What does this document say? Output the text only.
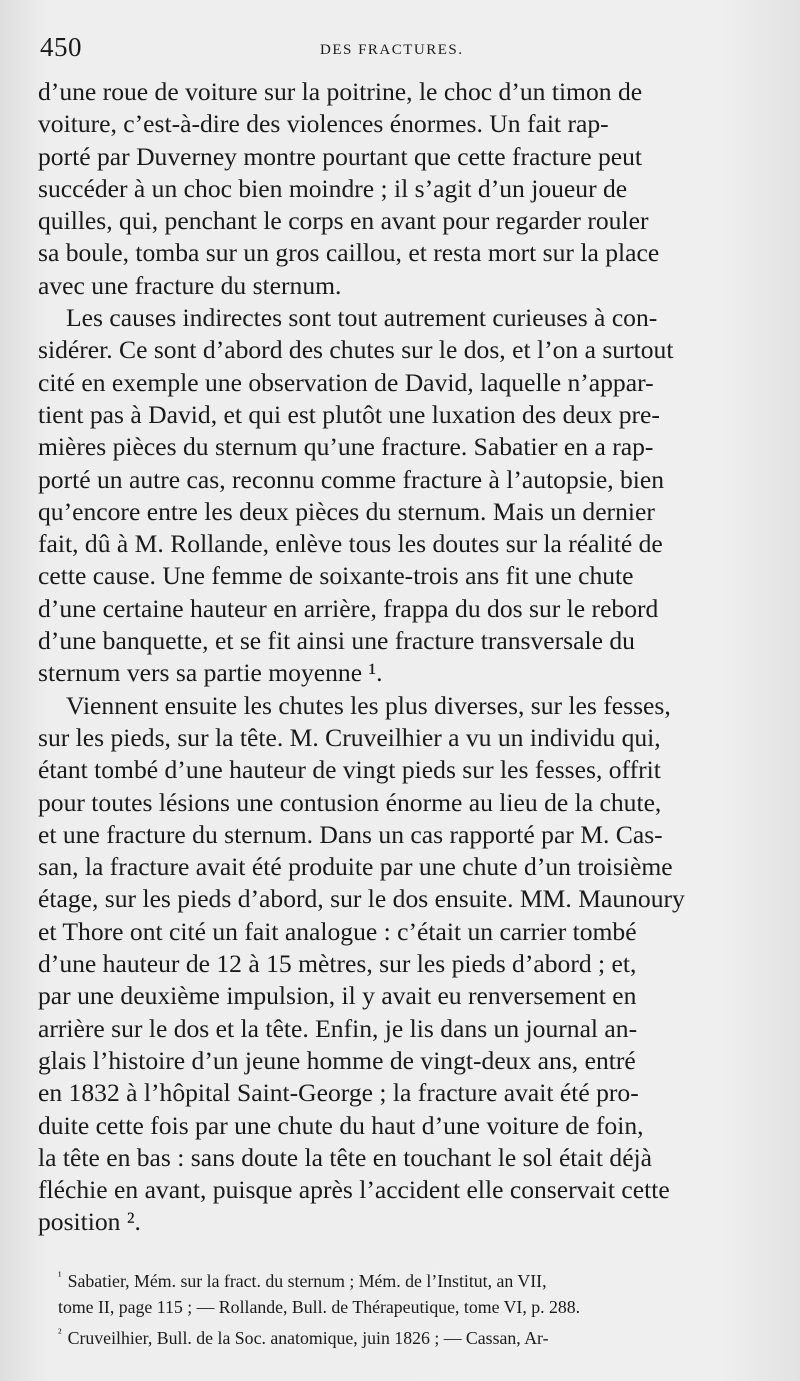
450	DES FRACTURES.

d’une roue de voiture sur la poitrine, le choc d’un timon de
voiture, c’est-à-dire des violences énormes. Un fait rap-
porté par Duverney montre pourtant que cette fracture peut
succéder à un choc bien moindre ; il s’agit d’un joueur de
quilles, qui, penchant le corps en avant pour regarder rouler
sa boule, tomba sur un gros caillou, et resta mort sur la place
avec une fracture du sternum.

Les causes indirectes sont tout autrement curieuses à con-
sidérer. Ce sont d’abord des chutes sur le dos, et l’on a surtout
cité en exemple une observation de David, laquelle n’appar-
tient pas à David, et qui est plutôt une luxation des deux pre-
mières pièces du sternum qu’une fracture. Sabatier en a rap-
porté un autre cas, reconnu comme fracture à l’autopsie, bien
qu’encore entre les deux pièces du sternum. Mais un dernier
fait, dû à M. Rollande, enlève tous les doutes sur la réalité de
cette cause. Une femme de soixante-trois ans fit une chute
d’une certaine hauteur en arrière, frappa du dos sur le rebord
d’une banquette, et se fit ainsi une fracture transversale du
sternum vers sa partie moyenne ¹.

Viennent ensuite les chutes les plus diverses, sur les fesses,
sur les pieds, sur la tête. M. Cruveilhier a vu un individu qui,
étant tombé d’une hauteur de vingt pieds sur les fesses, offrit
pour toutes lésions une contusion énorme au lieu de la chute,
et une fracture du sternum. Dans un cas rapporté par M. Cas-
san, la fracture avait été produite par une chute d’un troisième
étage, sur les pieds d’abord, sur le dos ensuite. MM. Maunoury
et Thore ont cité un fait analogue : c’était un carrier tombé
d’une hauteur de 12 à 15 mètres, sur les pieds d’abord ; et,
par une deuxième impulsion, il y avait eu renversement en
arrière sur le dos et la tête. Enfin, je lis dans un journal an-
glais l’histoire d’un jeune homme de vingt-deux ans, entré
en 1832 à l’hôpital Saint-George ; la fracture avait été pro-
duite cette fois par une chute du haut d’une voiture de foin,
la tête en bas : sans doute la tête en touchant le sol était déjà
fléchie en avant, puisque après l’accident elle conservait cette
position ².

$^{^1}$ Sabatier, Mém. sur la fract. du sternum ; Mém. de l’Institut, an VII,
tome II, page 115 ; — Rollande, Bull. de Thérapeutique, tome VI, p. 288.
$^{^2}$ Cruveilhier, Bull. de la Soc. anatomique, juin 1826 ; — Cassan, Ar-
